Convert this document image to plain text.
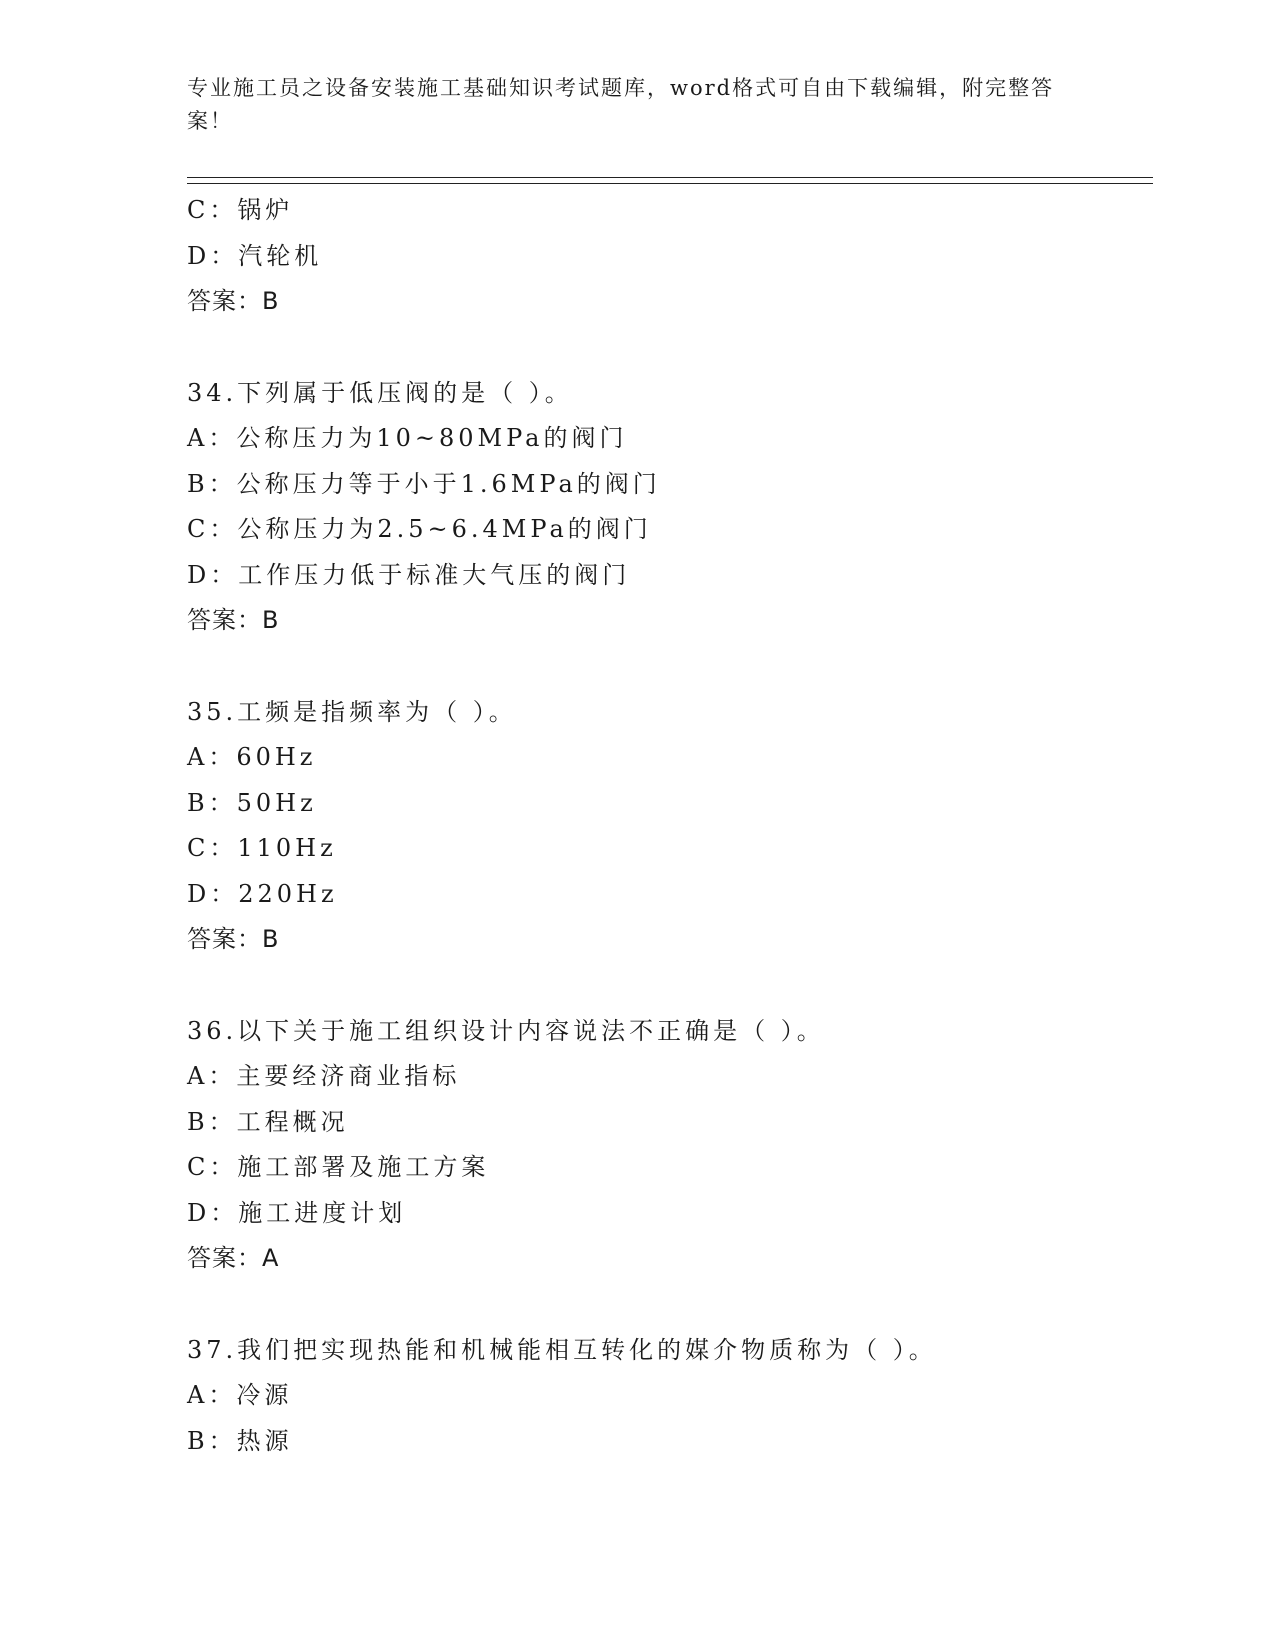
专业施工员之设备安装施工基础知识考试题库，word格式可自由下载编辑，附完整答案！
C：锅炉
D：汽轮机
答案：B
34.下列属于低压阀的是（ ）。
A：公称压力为10~80MPa的阀门
B：公称压力等于小于1.6MPa的阀门
C：公称压力为2.5~6.4MPa的阀门
D：工作压力低于标准大气压的阀门
答案：B
35.工频是指频率为（ ）。
A：60Hz
B：50Hz
C：110Hz
D：220Hz
答案：B
36.以下关于施工组织设计内容说法不正确是（ ）。
A：主要经济商业指标
B：工程概况
C：施工部署及施工方案
D：施工进度计划
答案：A
37.我们把实现热能和机械能相互转化的媒介物质称为（ ）。
A：冷源
B：热源
